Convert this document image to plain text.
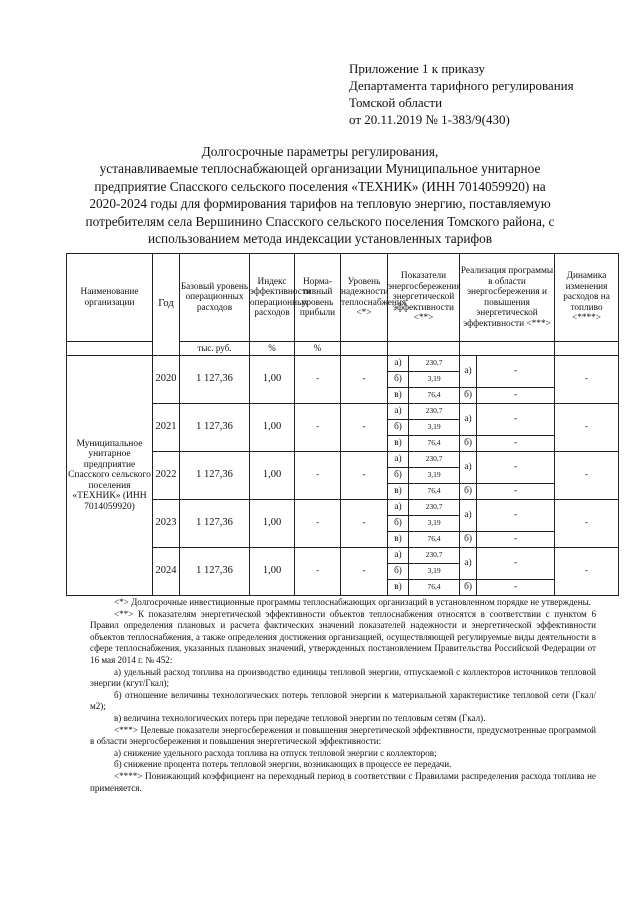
Приложение 1 к приказу
Департамента тарифного регулирования
Томской области
от 20.11.2019 № 1-383/9(430)
Долгосрочные параметры регулирования,
устанавливаемые теплоснабжающей организации Муниципальное унитарное
предприятие Спасского сельского поселения «ТЕХНИК» (ИНН 7014059920) на
2020-2024 годы для формирования тарифов на тепловую энергию, поставляемую
потребителям села Вершинино Спасского сельского поселения Томского района, с
использованием метода индексации установленных тарифов
Наименование организации	Год	Базовый уровень операционных расходов	Индекс эффективности операционных расходов	Норма-тивный уровень прибыли	Уровень надежности теплоснабжения <*>	Показатели энергосбережения энергетической эффективности <**>		Реализация программы в области энергосбережения и повышения энергетической эффективности <***>		Динамика изменения расходов на топливо <****>
		тыс. руб.	%	%						
Муниципальное унитарное предприятие Спасского сельского поселения «ТЕХНИК» (ИНН 7014059920)	2020	1 127,36	1,00	-	-	а)	230,7	а)	-	-
						б)	3,19			
						в)	76,4	б)	-	
	2021	1 127,36	1,00	-	-	а)	230,7	а)	-	-
						б)	3,19			
						в)	76,4	б)	-	
	2022	1 127,36	1,00	-	-	а)	230,7	а)	-	-
						б)	3,19			
						в)	76,4	б)	-	
	2023	1 127,36	1,00	-	-	а)	230,7	а)	-	-
						б)	3,19			
						в)	76,4	б)	-	
	2024	1 127,36	1,00	-	-	а)	230,7	а)	-	-
						б)	3,19			
						в)	76,4	б)	-	

<*> Долгосрочные инвестиционные программы теплоснабжающих организаций в установленном порядке не утверждены.

<**> К показателям энергетической эффективности объектов теплоснабжения относятся в соответствии с пунктом 6 Правил определения плановых и расчета фактических значений показателей надежности и энергетической эффективности объектов теплоснабжения, а также определения достижения организацией, осуществляющей регулируемые виды деятельности в сфере теплоснабжения, указанных плановых значений, утвержденных постановлением Правительства Российской Федерации от 16 мая 2014 г. № 452:

а) удельный расход топлива на производство единицы тепловой энергии, отпускаемой с коллекторов источников тепловой энергии (кгут/Гкал);

б) отношение величины технологических потерь тепловой энергии к материальной характеристике тепловой сети (Гкал/м2);

в) величина технологических потерь при передаче тепловой энергии по тепловым сетям (Гкал).

<***> Целевые показатели энергосбережения и повышения энергетической эффективности, предусмотренные программой в области энергосбережения и повышения энергетической эффективности:

а) снижение удельного расхода топлива на отпуск тепловой энергии с коллекторов;

б) снижение процента потерь тепловой энергии, возникающих в процессе ее передачи.

<****> Понижающий коэффициент на переходный период в соответствии с Правилами распределения расхода топлива не применяется.
